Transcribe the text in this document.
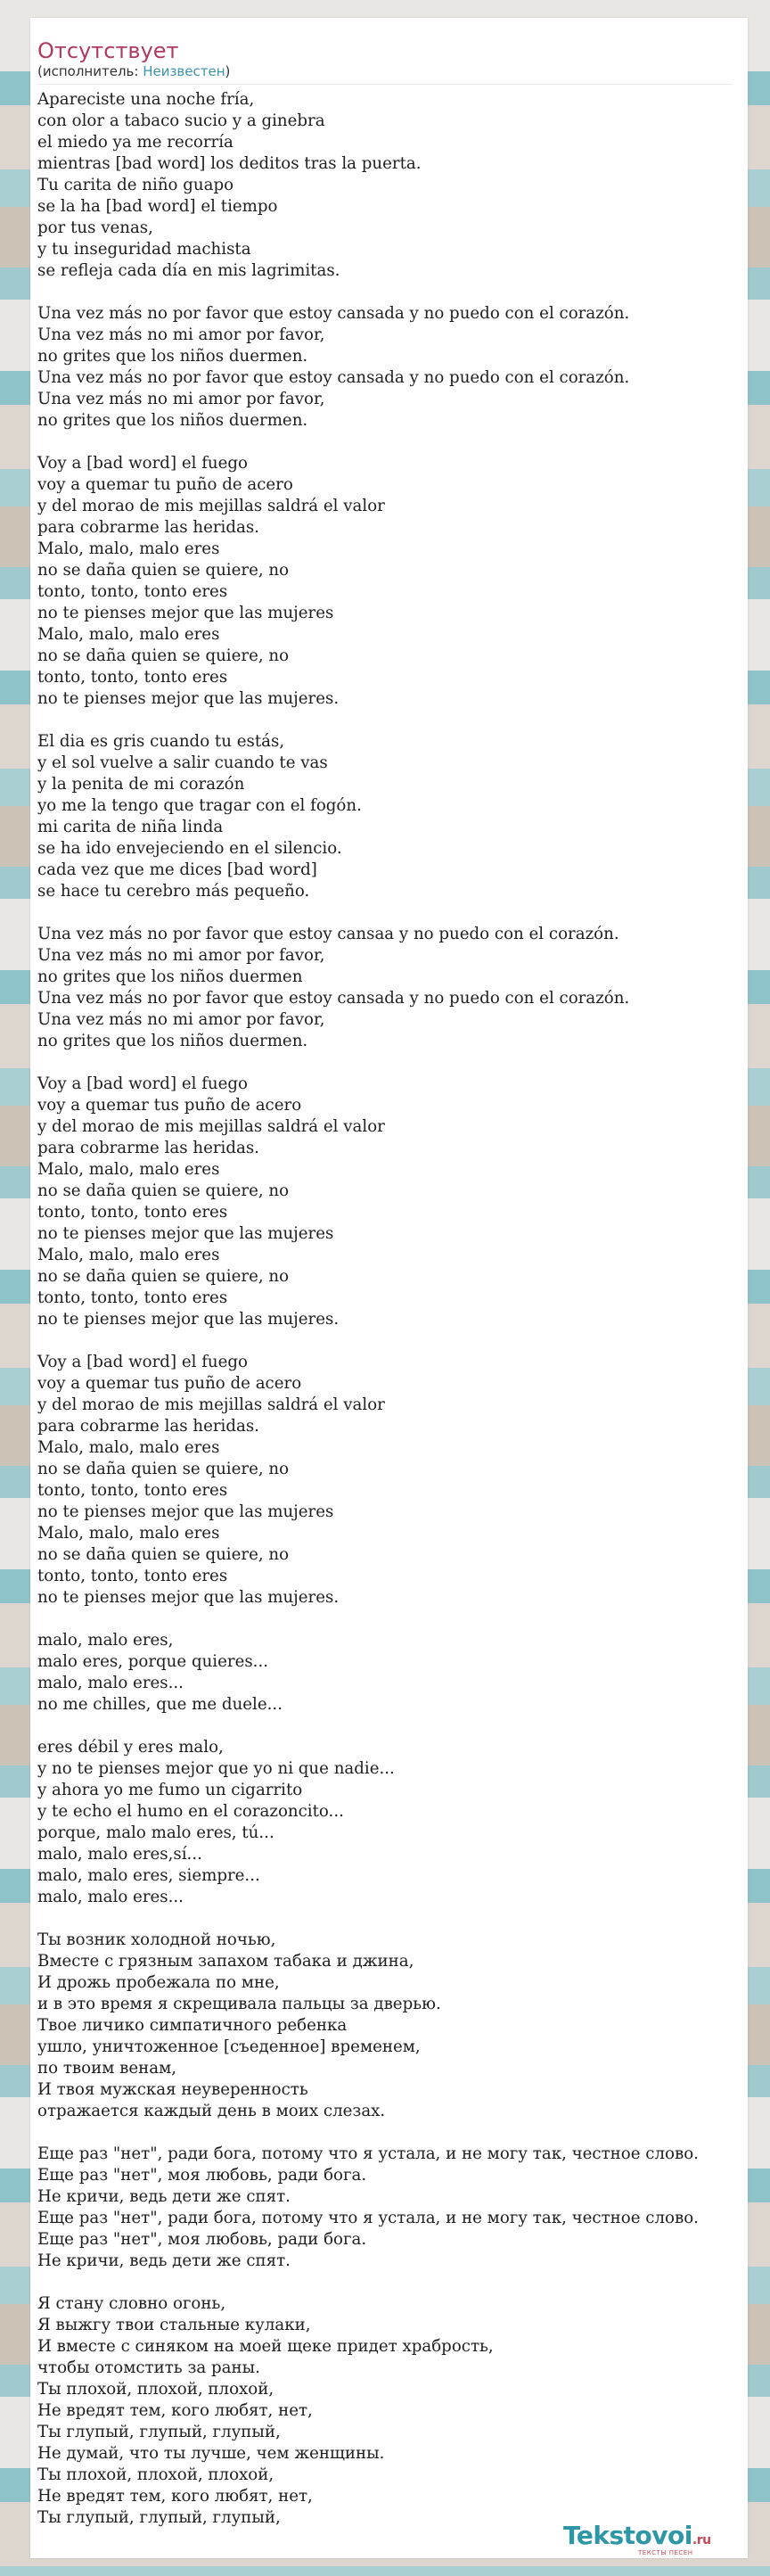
Отсутствует
(исполнитель: Неизвестен)
Apareciste una noche fría,
con olor a tabaco sucio y a ginebra
el miedo ya me recorría
mientras [bad word] los deditos tras la puerta.
Tu carita de niño guapo
se la ha [bad word] el tiempo
por tus venas,
y tu inseguridad machista
se refleja cada día en mis lagrimitas.
Una vez más no por favor que estoy cansada y no puedo con el corazón.
Una vez más no mi amor por favor,
no grites que los niños duermen.
Una vez más no por favor que estoy cansada y no puedo con el corazón.
Una vez más no mi amor por favor,
no grites que los niños duermen.
Voy a [bad word] el fuego
voy a quemar tu puño de acero
y del morao de mis mejillas saldrá el valor
para cobrarme las heridas.
Malo, malo, malo eres
no se daña quien se quiere, no
tonto, tonto, tonto eres
no te pienses mejor que las mujeres
Malo, malo, malo eres
no se daña quien se quiere, no
tonto, tonto, tonto eres
no te pienses mejor que las mujeres.
El dia es gris cuando tu estás,
y el sol vuelve a salir cuando te vas
y la penita de mi corazón
yo me la tengo que tragar con el fogón.
mi carita de niña linda
se ha ido envejeciendo en el silencio.
cada vez que me dices [bad word]
se hace tu cerebro más pequeño.
Una vez más no por favor que estoy cansaa y no puedo con el corazón.
Una vez más no mi amor por favor,
no grites que los niños duermen
Una vez más no por favor que estoy cansada y no puedo con el corazón.
Una vez más no mi amor por favor,
no grites que los niños duermen.
Voy a [bad word] el fuego
voy a quemar tus puño de acero
y del morao de mis mejillas saldrá el valor
para cobrarme las heridas.
Malo, malo, malo eres
no se daña quien se quiere, no
tonto, tonto, tonto eres
no te pienses mejor que las mujeres
Malo, malo, malo eres
no se daña quien se quiere, no
tonto, tonto, tonto eres
no te pienses mejor que las mujeres.
Voy a [bad word] el fuego
voy a quemar tus puño de acero
y del morao de mis mejillas saldrá el valor
para cobrarme las heridas.
Malo, malo, malo eres
no se daña quien se quiere, no
tonto, tonto, tonto eres
no te pienses mejor que las mujeres
Malo, malo, malo eres
no se daña quien se quiere, no
tonto, tonto, tonto eres
no te pienses mejor que las mujeres.
malo, malo eres,
malo eres, porque quieres...
malo, malo eres...
no me chilles, que me duele...
eres débil y eres malo,
y no te pienses mejor que yo ni que nadie...
y ahora yo me fumo un cigarrito
y te echo el humo en el corazoncito...
porque, malo malo eres, tú...
malo, malo eres,sí...
malo, malo eres, siempre...
malo, malo eres...
Ты возник холодной ночью,
Вместе с грязным запахом табака и джина,
И дрожь пробежала по мне,
и в это время я скрещивала пальцы за дверью.
Твое личико симпатичного ребенка
ушло, уничтоженное [съеденное] временем,
по твоим венам,
И твоя мужская неуверенность
отражается каждый день в моих слезах.
Еще раз "нет", ради бога, потому что я устала, и не могу так, честное слово.
Еще раз "нет", моя любовь, ради бога.
Не кричи, ведь дети же спят.
Еще раз "нет", ради бога, потому что я устала, и не могу так, честное слово.
Еще раз "нет", моя любовь, ради бога.
Не кричи, ведь дети же спят.
Я стану словно огонь,
Я выжгу твои стальные кулаки,
И вместе с синяком на моей щеке придет храбрость,
чтобы отомстить за раны.
Ты плохой, плохой, плохой,
Не вредят тем, кого любят, нет,
Ты глупый, глупый, глупый,
Не думай, что ты лучше, чем женщины.
Ты плохой, плохой, плохой,
Не вредят тем, кого любят, нет,
Ты глупый, глупый, глупый,
Tekstovoi.ru
ТЕКСТЫ ПЕСЕН
